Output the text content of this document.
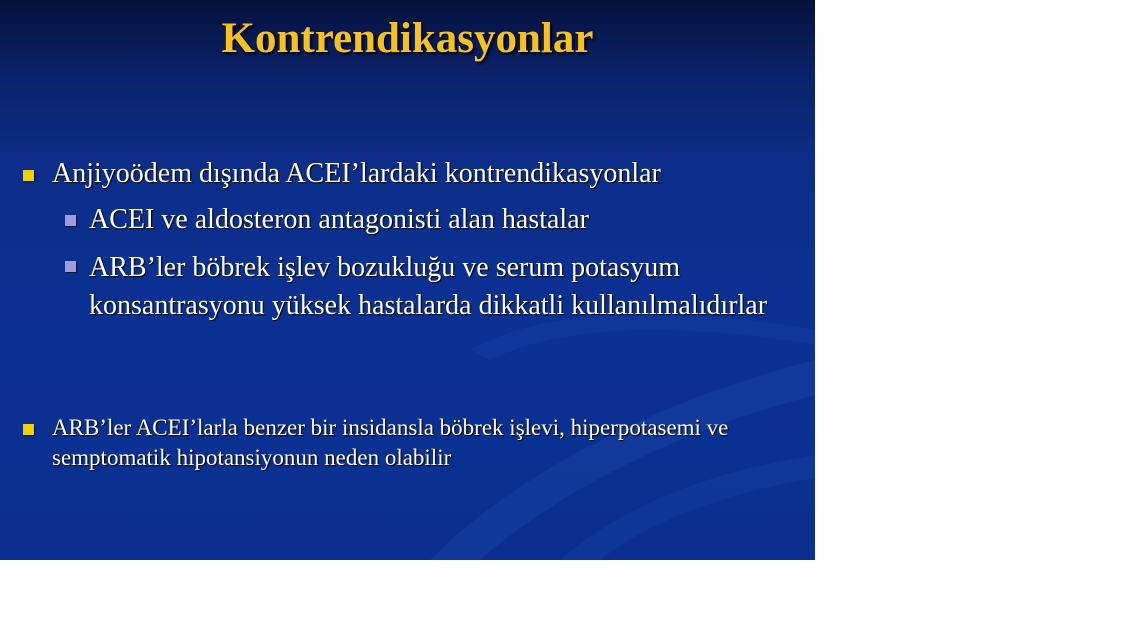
Kontrendikasyonlar

Anjiyoödem dışında ACEI’lardaki kontrendikasyonlar

ACEI ve aldosteron antagonisti alan hastalar

ARB’ler böbrek işlev bozukluğu ve serum potasyum konsantrasyonu yüksek hastalarda dikkatli kullanılmalıdırlar

ARB’ler ACEI’larla benzer bir insidansla böbrek işlevi, hiperpotasemi ve semptomatik hipotansiyonun neden olabilir
